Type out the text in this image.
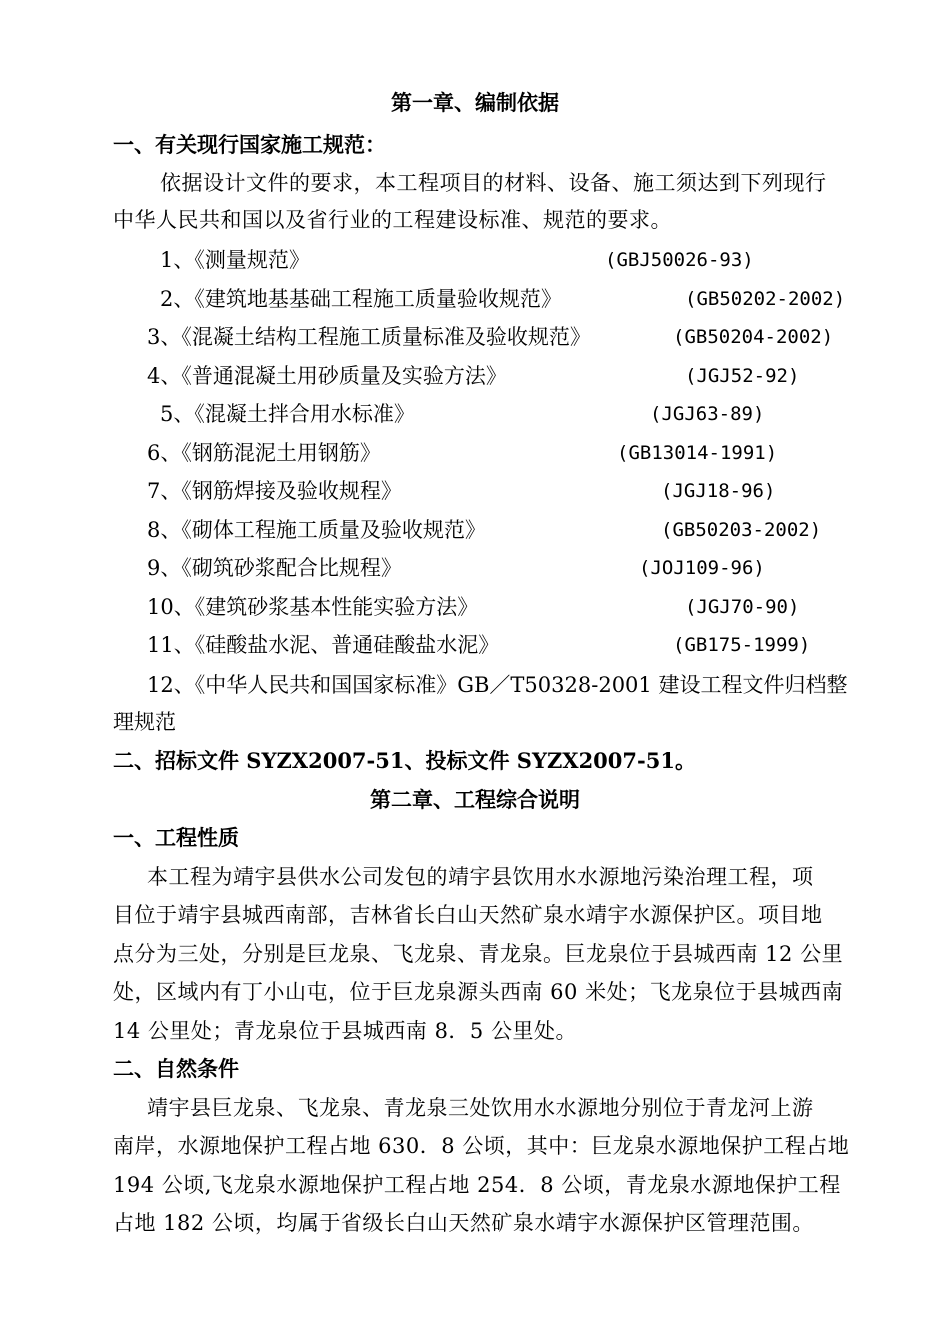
第一章、编制依据
一、有关现行国家施工规范：
依据设计文件的要求，本工程项目的材料、设备、施工须达到下列现行
中华人民共和国以及省行业的工程建设标准、规范的要求。
1、《测量规范》	(GBJ50026-93)
2、《建筑地基基础工程施工质量验收规范》	(GB50202-2002)
3、《混凝土结构工程施工质量标准及验收规范》	(GB50204-2002)
4、《普通混凝土用砂质量及实验方法》	(JGJ52-92)
5、《混凝土拌合用水标准》	(JGJ63-89)
6、《钢筋混泥土用钢筋》	(GB13014-1991)
7、《钢筋焊接及验收规程》	(JGJ18-96)
8、《砌体工程施工质量及验收规范》	(GB50203-2002)
9、《砌筑砂浆配合比规程》	(JOJ109-96)
10、《建筑砂浆基本性能实验方法》	(JGJ70-90)
11、《硅酸盐水泥、普通硅酸盐水泥》	(GB175-1999)
12、《中华人民共和国国家标准》GB／T50328-2001 建设工程文件归档整
理规范
二、招标文件 SYZX2007-51、投标文件 SYZX2007-51。
第二章、工程综合说明
一、工程性质
本工程为靖宇县供水公司发包的靖宇县饮用水水源地污染治理工程，项
目位于靖宇县城西南部，吉林省长白山天然矿泉水靖宇水源保护区。项目地
点分为三处，分别是巨龙泉、飞龙泉、青龙泉。巨龙泉位于县城西南 12 公里
处，区域内有丁小山屯，位于巨龙泉源头西南 60 米处；飞龙泉位于县城西南
14 公里处；青龙泉位于县城西南 8．5 公里处。
二、自然条件
靖宇县巨龙泉、飞龙泉、青龙泉三处饮用水水源地分别位于青龙河上游
南岸，水源地保护工程占地 630．8 公顷，其中：巨龙泉水源地保护工程占地
194 公顷,飞龙泉水源地保护工程占地 254．8 公顷，青龙泉水源地保护工程
占地 182 公顷，均属于省级长白山天然矿泉水靖宇水源保护区管理范围。
